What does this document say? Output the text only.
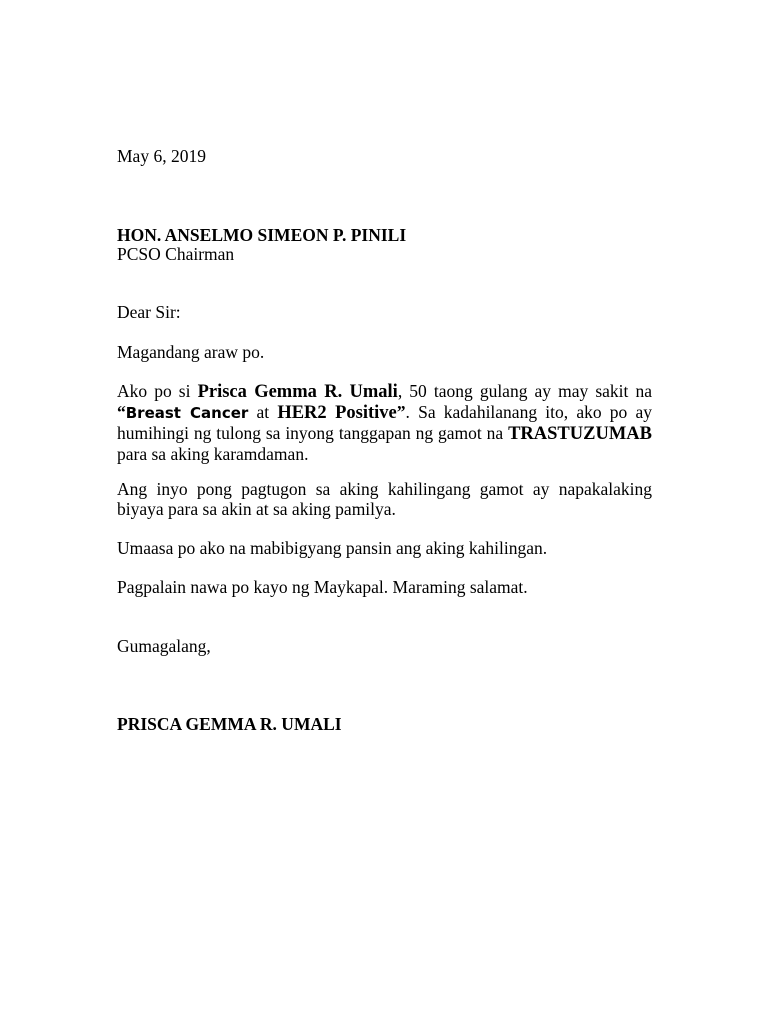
May 6, 2019

HON. ANSELMO SIMEON P. PINILI

PCSO Chairman

Dear Sir:

Magandang araw po.

Ako po si Prisca Gemma R. Umali, 50 taong gulang ay may sakit na “Breast Cancer at HER2 Positive”. Sa kadahilanang ito, ako po ay humihingi ng tulong sa inyong tanggapan ng gamot na TRASTUZUMAB para sa aking karamdaman.

Ang inyo pong pagtugon sa aking kahilingang gamot ay napakalaking biyaya para sa akin at sa aking pamilya.

Umaasa po ako na mabibigyang pansin ang aking kahilingan.

Pagpalain nawa po kayo ng Maykapal. Maraming salamat.

Gumagalang,

PRISCA GEMMA R. UMALI
